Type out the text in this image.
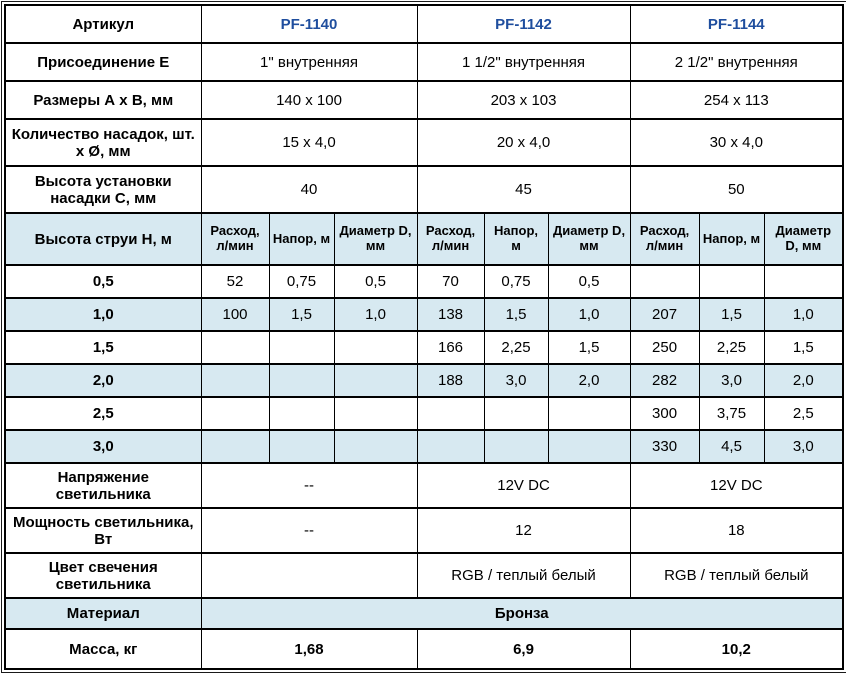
Артикул	PF-1140			PF-1142			PF-1144		
Присоединение Е	1" внутренняя			1 1/2" внутренняя			2 1/2" внутренняя		
Размеры А х В, мм	140 x 100			203 x 103			254 x 113		
Количество насадок, шт. х Ø, мм	15 x 4,0			20 x 4,0			30 x 4,0		
Высота установки насадки С, мм	40			45			50		
Высота струи Н, м	Расход, л/мин	Напор, м	Диаметр D, мм	Расход, л/мин	Напор, м	Диаметр D, мм	Расход, л/мин	Напор, м	Диаметр D, мм
0,5	52	0,75	0,5	70	0,75	0,5			
1,0	100	1,5	1,0	138	1,5	1,0	207	1,5	1,0
1,5				166	2,25	1,5	250	2,25	1,5
2,0				188	3,0	2,0	282	3,0	2,0
2,5							300	3,75	2,5
3,0							330	4,5	3,0
Напряжение светильника	--			12V DC			12V DC		
Мощность светильника, Вт	--			12			18		
Цвет свечения светильника				RGB / теплый белый			RGB / теплый белый		
Материал	Бронза								
Масса, кг	1,68			6,9			10,2		
